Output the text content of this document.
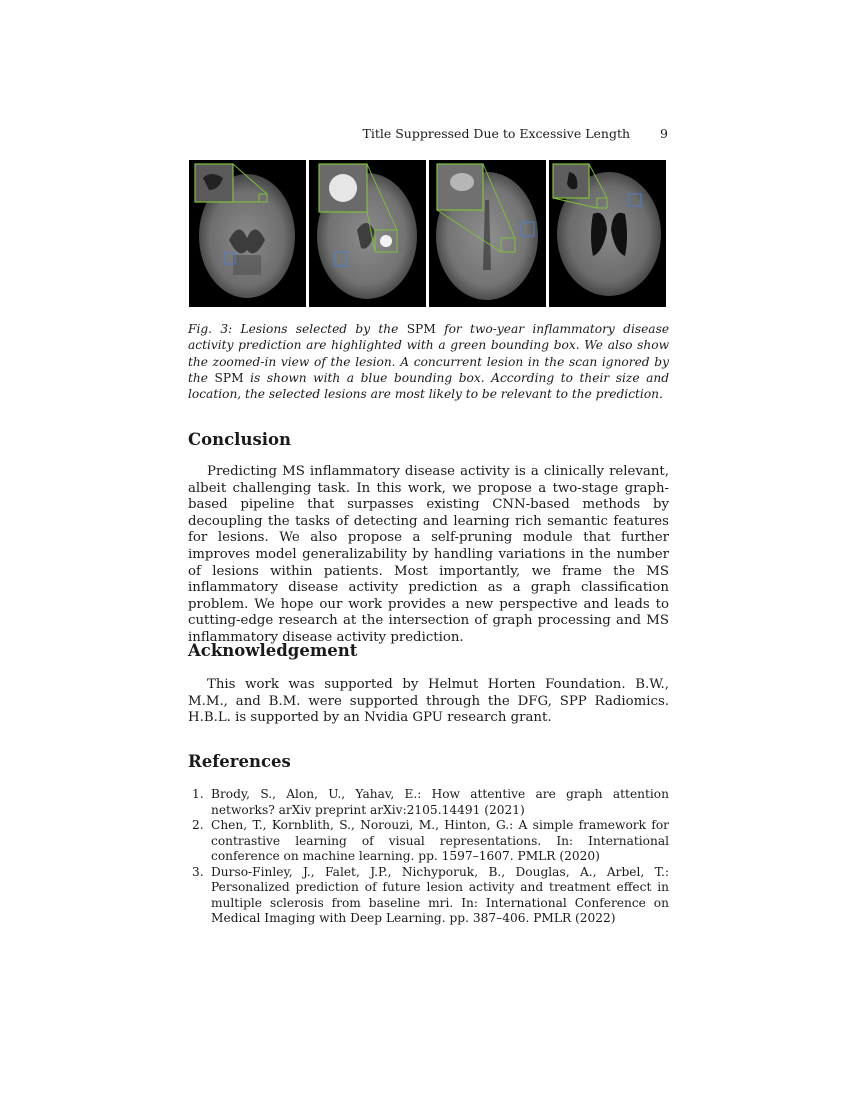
Title Suppressed Due to Excessive Length 9
Fig. 3: Lesions selected by the SPM for two-year inflammatory disease activity prediction are highlighted with a green bounding box. We also show the zoomed-in view of the lesion. A concurrent lesion in the scan ignored by the SPM is shown with a blue bounding box. According to their size and location, the selected lesions are most likely to be relevant to the prediction.
Conclusion

Predicting MS inflammatory disease activity is a clinically relevant, albeit challenging task. In this work, we propose a two-stage graph-based pipeline that surpasses existing CNN-based methods by decoupling the tasks of detecting and learning rich semantic features for lesions. We also propose a self-pruning module that further improves model generalizability by handling variations in the number of lesions within patients. Most importantly, we frame the MS inflammatory disease activity prediction as a graph classification problem. We hope our work provides a new perspective and leads to cutting-edge research at the intersection of graph processing and MS inflammatory disease activity prediction.

Acknowledgement

This work was supported by Helmut Horten Foundation. B.W., M.M., and B.M. were supported through the DFG, SPP Radiomics. H.B.L. is supported by an Nvidia GPU research grant.

References
1. Brody, S., Alon, U., Yahav, E.: How attentive are graph attention networks? arXiv preprint arXiv:2105.14491 (2021)
2. Chen, T., Kornblith, S., Norouzi, M., Hinton, G.: A simple framework for contrastive learning of visual representations. In: International conference on machine learning. pp. 1597–1607. PMLR (2020)
3. Durso-Finley, J., Falet, J.P., Nichyporuk, B., Douglas, A., Arbel, T.: Personalized prediction of future lesion activity and treatment effect in multiple sclerosis from baseline mri. In: International Conference on Medical Imaging with Deep Learning. pp. 387–406. PMLR (2022)
